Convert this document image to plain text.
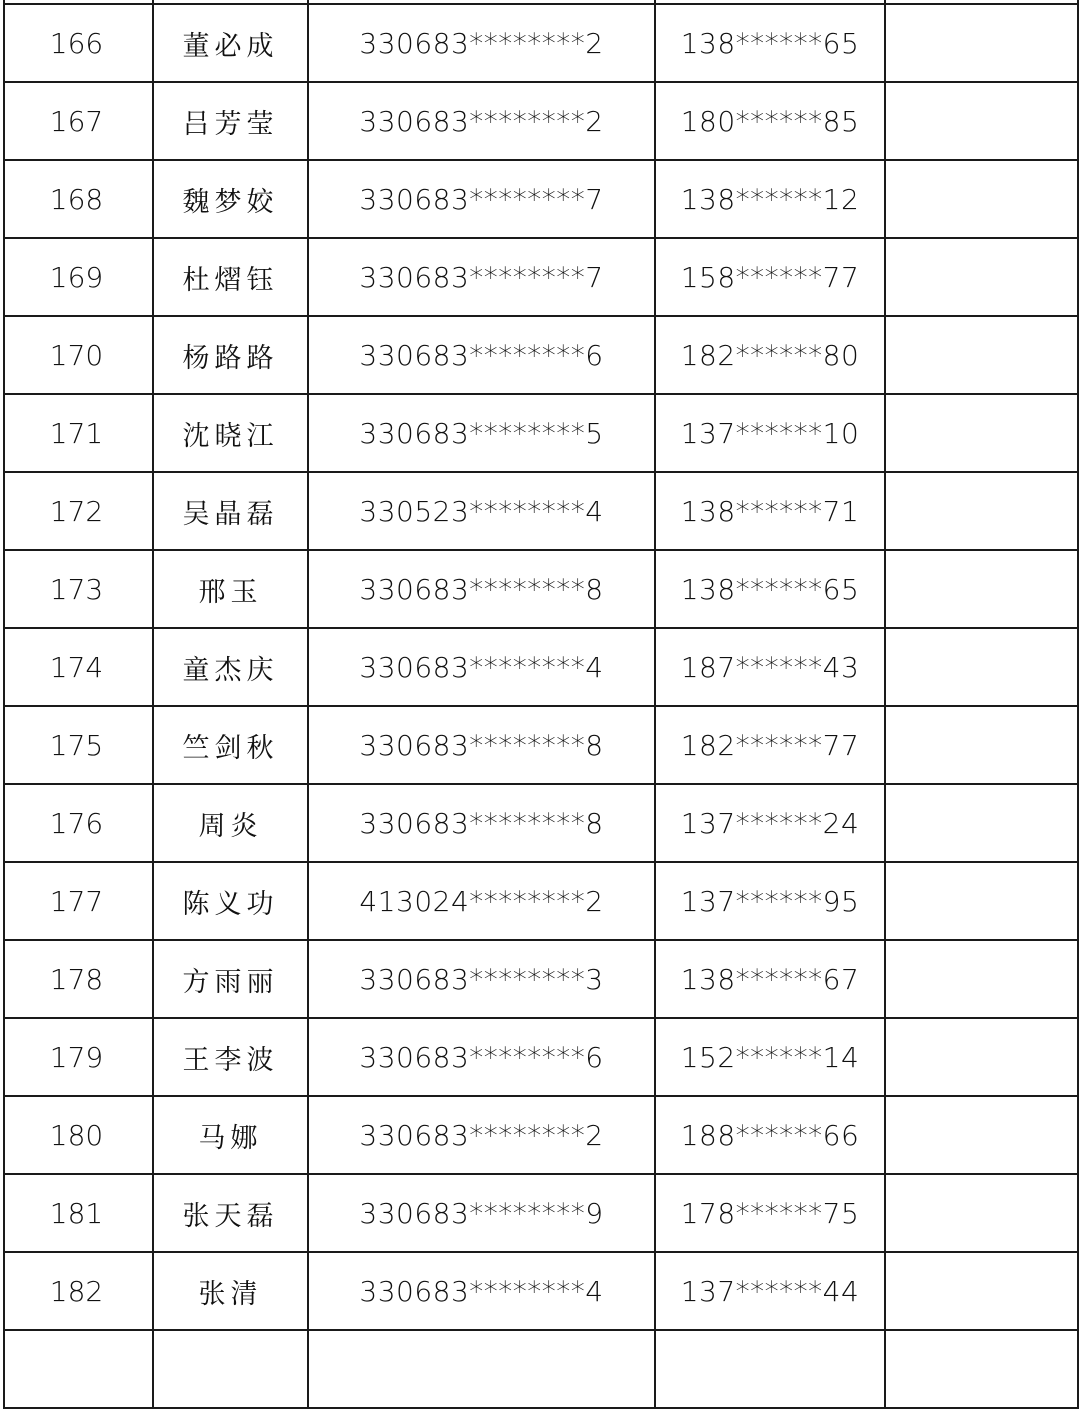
166	董必成	330683********2	138******65	
167	吕芳莹	330683********2	180******85	
168	魏梦姣	330683********7	138******12	
169	杜熠钰	330683********7	158******77	
170	杨路路	330683********6	182******80	
171	沈晓江	330683********5	137******10	
172	吴晶磊	330523********4	138******71	
173	邢玉	330683********8	138******65	
174	童杰庆	330683********4	187******43	
175	竺剑秋	330683********8	182******77	
176	周炎	330683********8	137******24	
177	陈义功	413024********2	137******95	
178	方雨丽	330683********3	138******67	
179	王李波	330683********6	152******14	
180	马娜	330683********2	188******66	
181	张天磊	330683********9	178******75	
182	张清	330683********4	137******44	
